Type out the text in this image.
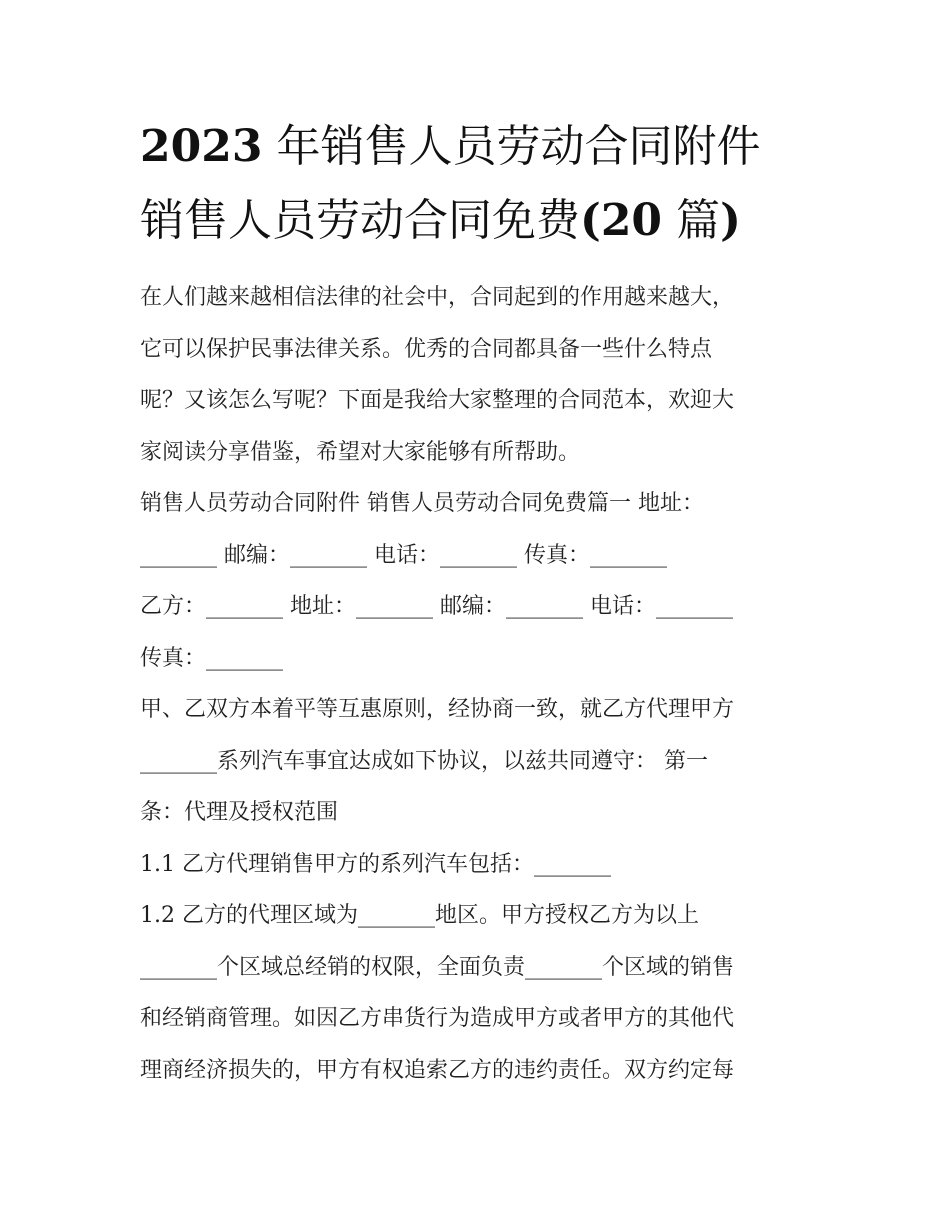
2023 年销售人员劳动合同附件
销售人员劳动合同免费(20 篇)

在人们越来越相信法律的社会中，合同起到的作用越来越大，

它可以保护民事法律关系。优秀的合同都具备一些什么特点

呢？又该怎么写呢？下面是我给大家整理的合同范本，欢迎大

家阅读分享借鉴，希望对大家能够有所帮助。

销售人员劳动合同附件 销售人员劳动合同免费篇一 地址：

_______ 邮编：_______ 电话：_______ 传真：_______

乙方：_______ 地址：_______ 邮编：_______ 电话：_______

传真：_______

甲、乙双方本着平等互惠原则，经协商一致，就乙方代理甲方

_______系列汽车事宜达成如下协议，以兹共同遵守： 第一

条：代理及授权范围

1.1 乙方代理销售甲方的系列汽车包括：_______

1.2 乙方的代理区域为_______地区。甲方授权乙方为以上

_______个区域总经销的权限，全面负责_______个区域的销售

和经销商管理。如因乙方串货行为造成甲方或者甲方的其他代

理商经济损失的，甲方有权追索乙方的违约责任。双方约定每
